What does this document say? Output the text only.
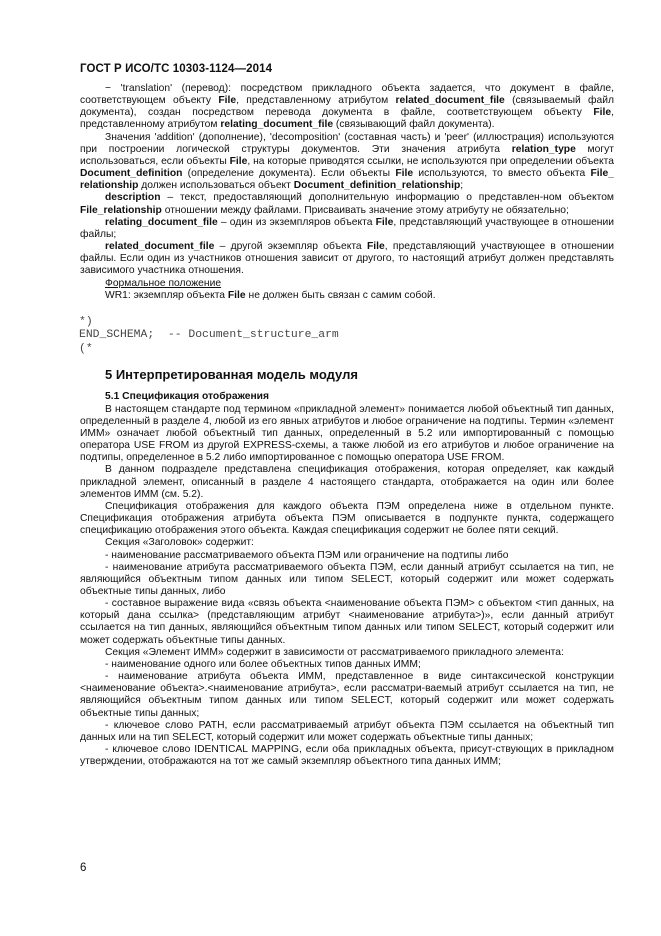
ГОСТ Р ИСО/ТС 10303-1124—2014

− 'translation' (перевод): посредством прикладного объекта задается, что документ в файле, соответствующем объекту File, представленному атрибутом related_document_file (связываемый файл документа), создан посредством перевода документа в файле, соответствующем объекту File, представленному атрибутом relating_document_file (связывающий файл документа).

Значения 'addition' (дополнение), 'decomposition' (составная часть) и 'peer' (иллюстрация) используются при построении логической структуры документов. Эти значения атрибута relation_type могут использоваться, если объекты File, на которые приводятся ссылки, не используются при определении объекта Document_definition (определение документа). Если объекты File используются, то вместо объекта File_ relationship должен использоваться объект Document_definition_relationship;

description – текст, предоставляющий дополнительную информацию о представлен-ном объектом File_relationship отношении между файлами. Присваивать значение этому атрибуту не обязательно;

relating_document_file – один из экземпляров объекта File, представляющий участвующее в отношении файлы;

related_document_file – другой экземпляр объекта File, представляющий участвующее в отношении файлы. Если один из участников отношения зависит от другого, то настоящий атрибут должен представлять зависимого участника отношения.

Формальное положение

WR1: экземпляр объекта File не должен быть связан с самим собой.

*)

END_SCHEMA;  -- Document_structure_arm

(*

5 Интерпретированная модель модуля

5.1 Спецификация отображения

В настоящем стандарте под термином «прикладной элемент» понимается любой объектный тип данных, определенный в разделе 4, любой из его явных атрибутов и любое ограничение на подтипы. Термин «элемент ИММ» означает любой объектный тип данных, определенный в 5.2 или импортированный с помощью оператора USE FROM из другой EXPRESS-схемы, а также любой из его атрибутов и любое ограничение на подтипы, определенное в 5.2 либо импортированное с помощью оператора USE FROM.

В данном подразделе представлена спецификация отображения, которая определяет, как каждый прикладной элемент, описанный в разделе 4 настоящего стандарта, отображается на один или более элементов ИММ (см. 5.2).

Спецификация отображения для каждого объекта ПЭМ определена ниже в отдельном пункте. Спецификация отображения атрибута объекта ПЭМ описывается в подпункте пункта, содержащего спецификацию отображения этого объекта. Каждая спецификация содержит не более пяти секций.

Секция «Заголовок» содержит:

- наименование рассматриваемого объекта ПЭМ или ограничение на подтипы либо

- наименование атрибута рассматриваемого объекта ПЭМ, если данный атрибут ссылается на тип, не являющийся объектным типом данных или типом SELECT, который содержит или может содержать объектные типы данных, либо

- составное выражение вида «связь объекта <наименование объекта ПЭМ> с объектом <тип данных, на который дана ссылка> (представляющим атрибут <наименование атрибута>)», если данный атрибут ссылается на тип данных, являющийся объектным типом данных или типом SELECT, который содержит или может содержать объектные типы данных.

Секция «Элемент ИММ» содержит в зависимости от рассматриваемого прикладного элемента:

- наименование одного или более объектных типов данных ИММ;

- наименование атрибута объекта ИММ, представленное в виде синтаксической конструкции <наименование объекта>.<наименование атрибута>, если рассматри-ваемый атрибут ссылается на тип, не являющийся объектным типом данных или типом SELECT, который содержит или может содержать объектные типы данных;

- ключевое слово PATH, если рассматриваемый атрибут объекта ПЭМ ссылается на объектный тип данных или на тип SELECT, который содержит или может содержать объектные типы данных;

- ключевое слово IDENTICAL MAPPING, если оба прикладных объекта, присут-ствующих в прикладном утверждении, отображаются на тот же самый экземпляр объектного типа данных ИММ;

6
